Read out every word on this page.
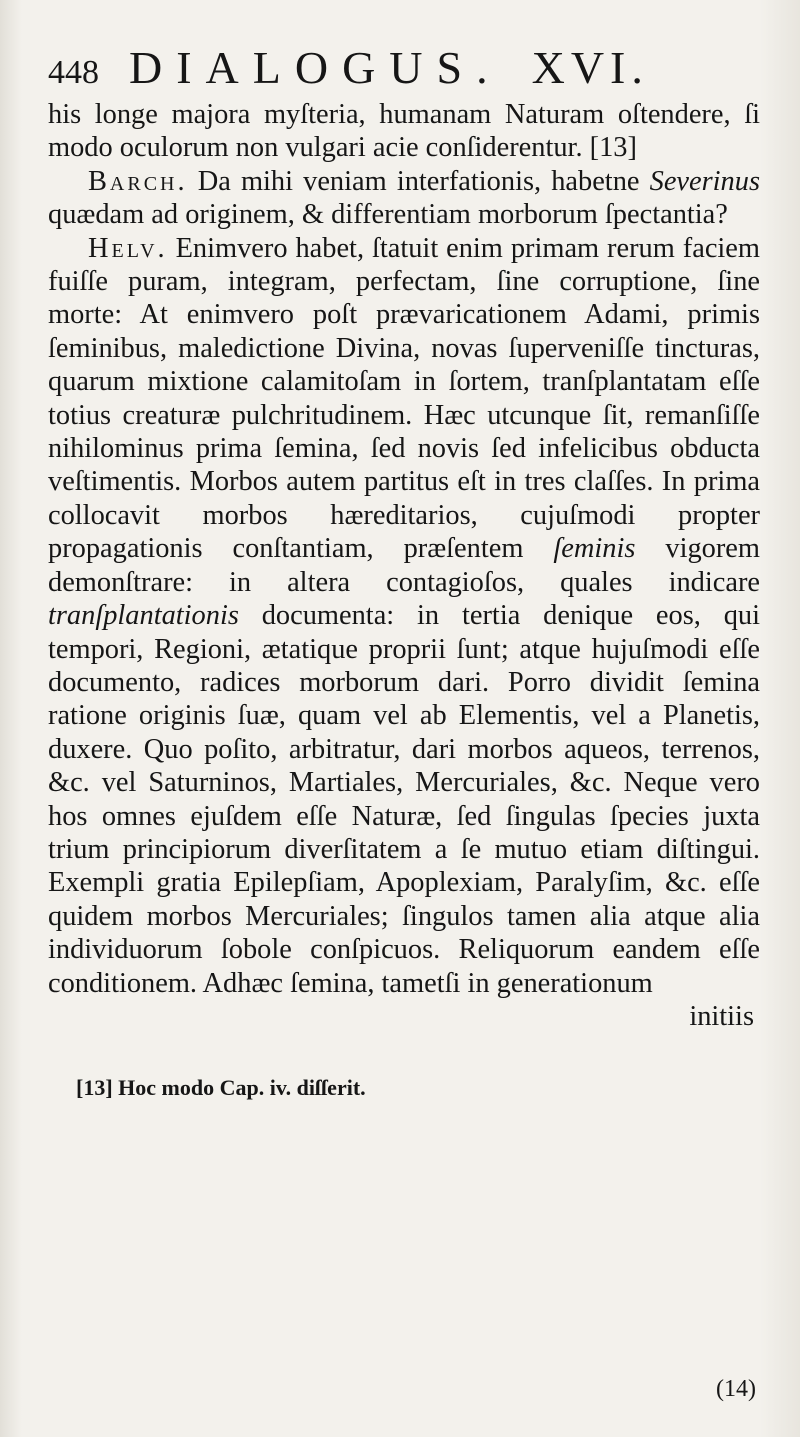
448 DIALOGUS. XVI.

his longe majora myſteria, humanam Naturam oſtendere, ſi modo oculorum non vulgari acie conſiderentur. [13]

Barch. Da mihi veniam interfationis, habetne Severinus quædam ad originem, & differentiam morborum ſpectantia?

Helv. Enimvero habet, ſtatuit enim primam rerum faciem fuiſſe puram, integram, perfectam, ſine corruptione, ſine morte: At enimvero poſt prævaricationem Adami, primis ſeminibus, maledictione Divina, novas ſuperveniſſe tincturas, quarum mixtione calamitoſam in ſortem, tranſplantatam eſſe totius creaturæ pulchritudinem. Hæc utcunque ſit, remanſiſſe nihilominus prima ſemina, ſed novis ſed infelicibus obducta veſtimentis. Morbos autem partitus eſt in tres claſſes. In prima collocavit morbos hæreditarios, cujuſmodi propter propagationis conſtantiam, præſentem ſeminis vigorem demonſtrare: in altera contagioſos, quales indicare tranſplantationis documenta: in tertia denique eos, qui tempori, Regioni, ætatique proprii ſunt; atque hujuſmodi eſſe documento, radices morborum dari. Porro dividit ſemina ratione originis ſuæ, quam vel ab Elementis, vel a Planetis, duxere. Quo poſito, arbitratur, dari morbos aqueos, terrenos, &c. vel Saturninos, Martiales, Mercuriales, &c. Neque vero hos omnes ejuſdem eſſe Naturæ, ſed ſingulas ſpecies juxta trium principiorum diverſitatem a ſe mutuo etiam diſtingui. Exempli gratia Epilepſiam, Apoplexiam, Paralyſim, &c. eſſe quidem morbos Mercuriales; ſingulos tamen alia atque alia individuorum ſobole conſpicuos. Reliquorum eandem eſſe conditionem. Adhæc ſemina, tametſi in generationum

initiis
[13] Hoc modo Cap. iv. diſſerit.
(14)
